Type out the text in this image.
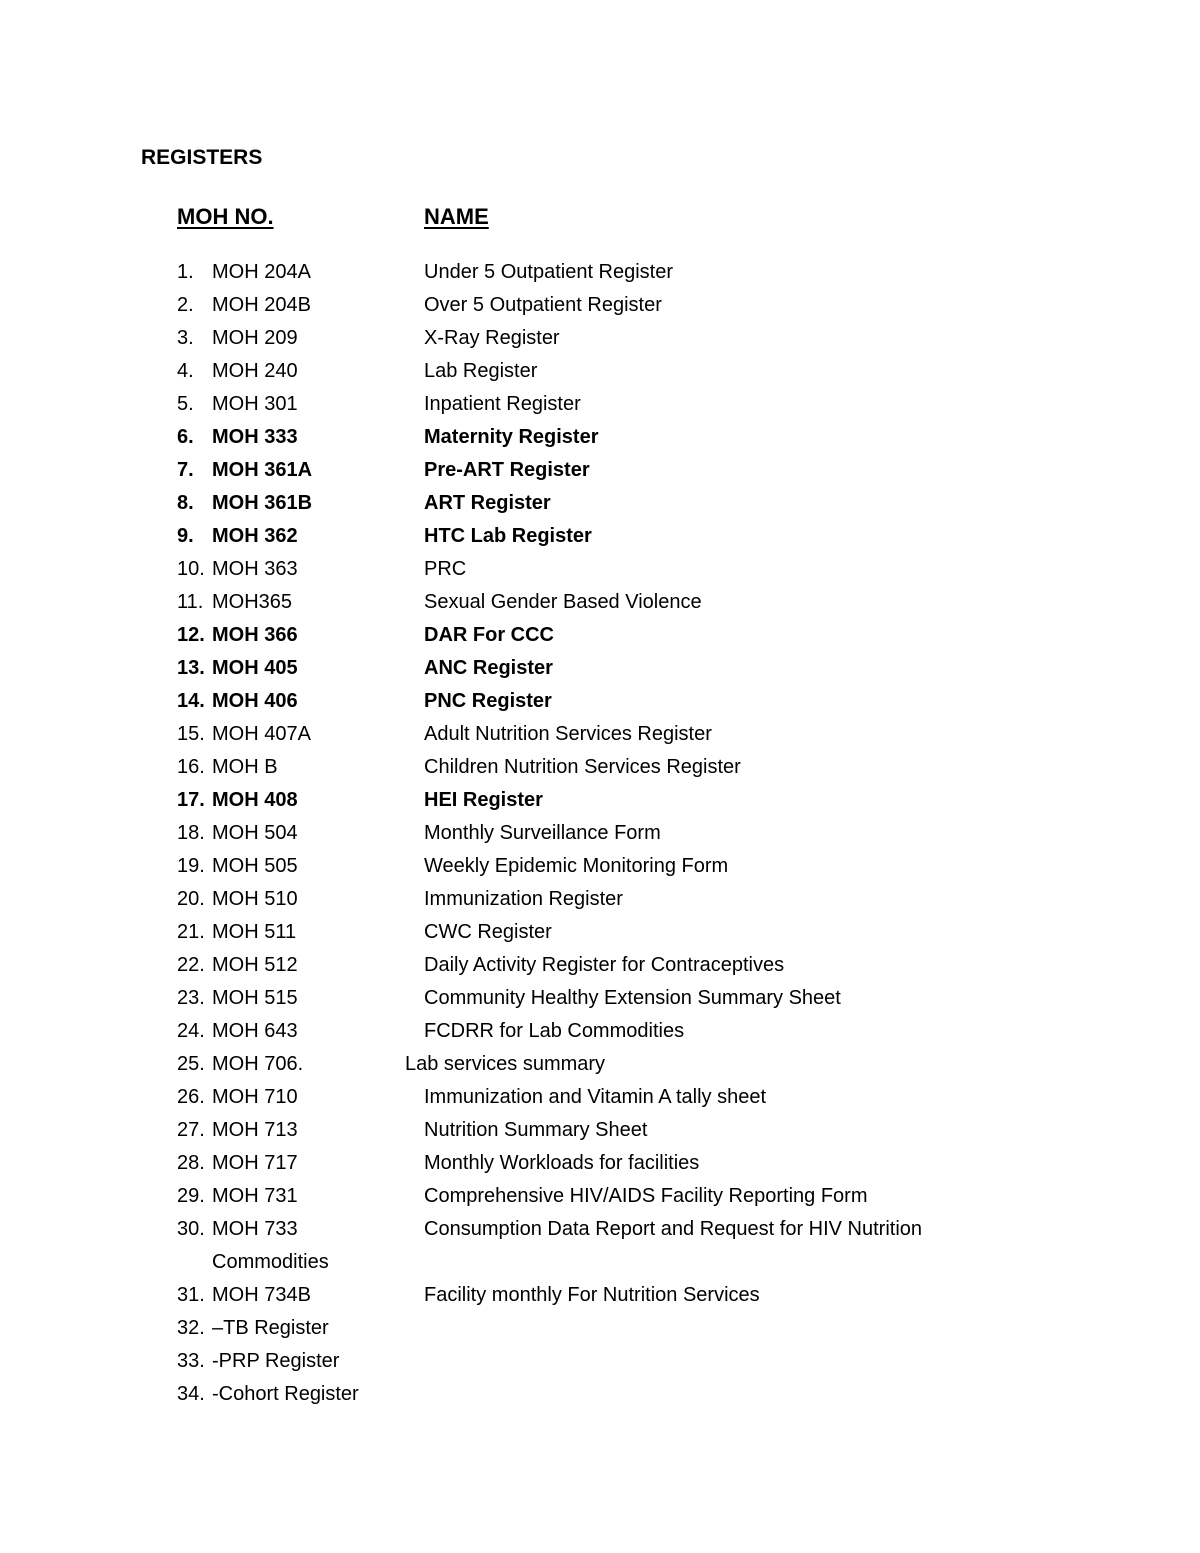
REGISTERS
MOH NO.	NAME
1. MOH 204A	Under 5 Outpatient Register
2. MOH 204B	Over 5 Outpatient Register
3. MOH 209	X-Ray Register
4. MOH 240	Lab Register
5. MOH 301	Inpatient Register
6. MOH 333	Maternity Register
7. MOH 361A	Pre-ART Register
8. MOH 361B	ART Register
9. MOH 362	HTC Lab Register
10. MOH 363	PRC
11. MOH365	Sexual Gender Based Violence
12. MOH 366	DAR For CCC
13. MOH 405	ANC Register
14. MOH 406	PNC Register
15. MOH 407A	Adult Nutrition Services Register
16. MOH B	Children Nutrition Services Register
17. MOH 408	HEI Register
18. MOH 504	Monthly Surveillance Form
19. MOH 505	Weekly Epidemic Monitoring Form
20. MOH 510	Immunization Register
21. MOH 511	CWC Register
22. MOH 512	Daily Activity Register for Contraceptives
23. MOH 515	Community Healthy Extension Summary Sheet
24. MOH 643	FCDRR for Lab Commodities
25. MOH 706.	Lab services summary
26. MOH 710	Immunization and Vitamin A tally sheet
27. MOH 713	Nutrition Summary Sheet
28. MOH 717	Monthly Workloads for facilities
29. MOH 731	Comprehensive HIV/AIDS Facility Reporting Form
30. MOH 733	Consumption Data Report and Request for HIV Nutrition
Commodities
31. MOH 734B	Facility monthly For Nutrition Services
32. –TB Register
33. -PRP Register
34. -Cohort Register
